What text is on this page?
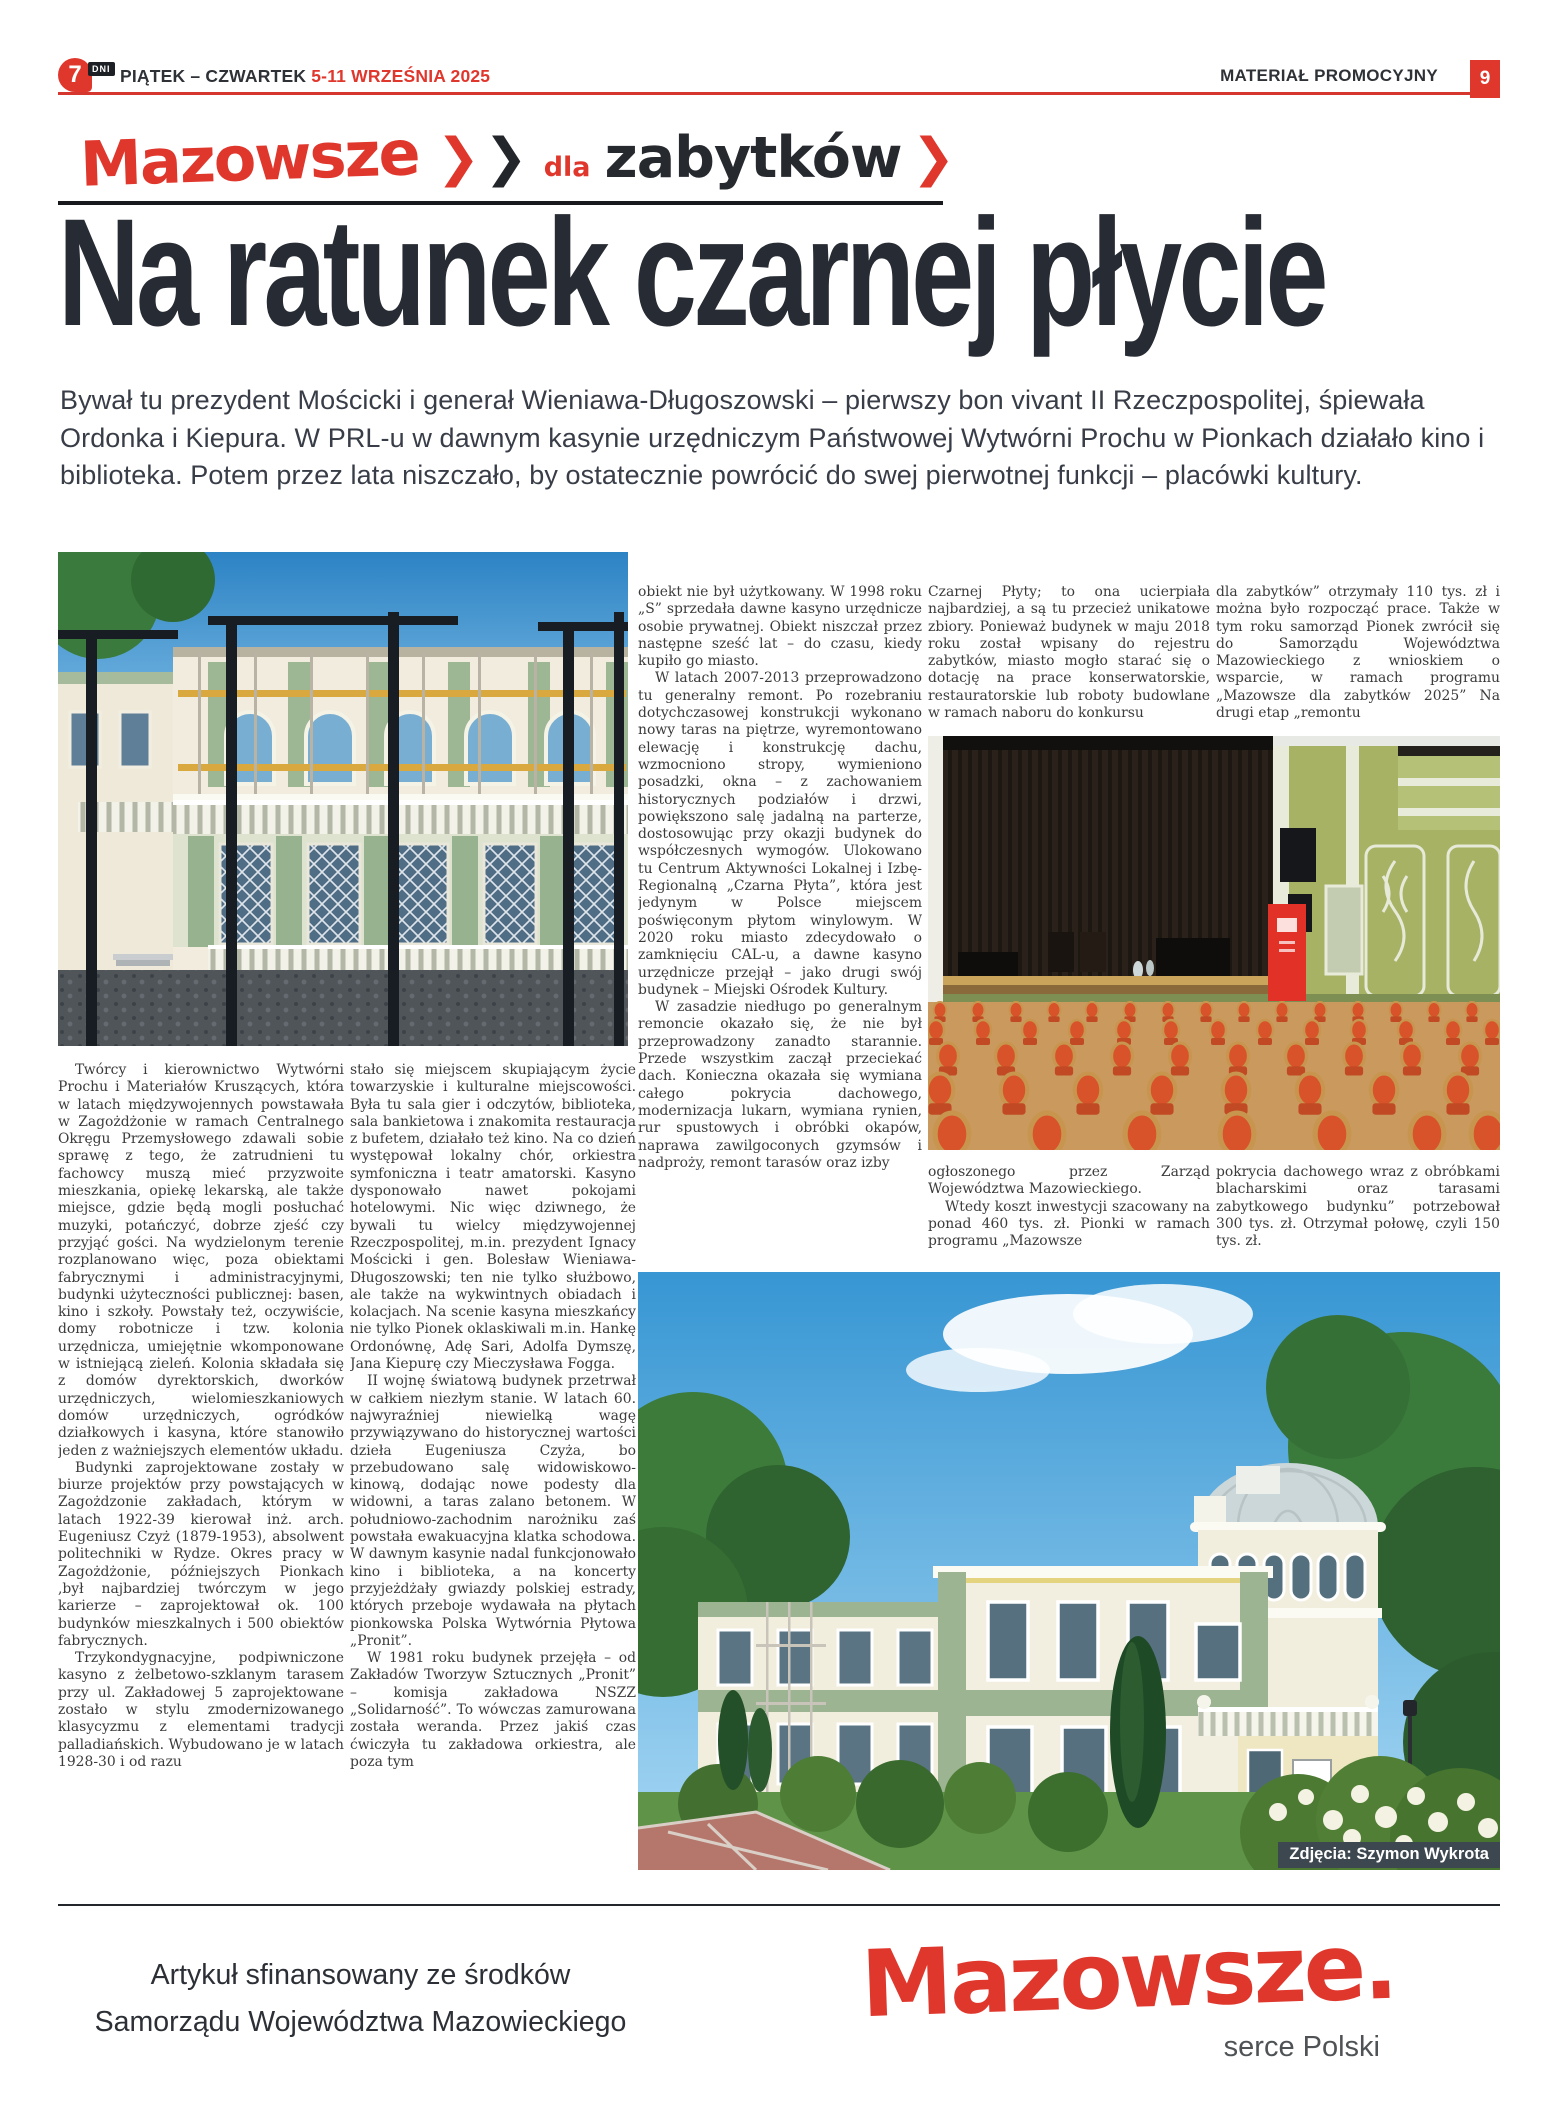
7	DNI PIĄTEK – CZWARTEK 5-11 WRZEŚNIA 2025	MATERIAŁ PROMOCYJNY	9
Mazowsze ❯ ❯ dla zabytków ❯
Na ratunek czarnej płycie
Bywał tu prezydent Mościcki i generał Wieniawa-Długoszowski – pierwszy bon vivant II Rzeczpospolitej, śpiewała Ordonka i Kiepura. W PRL-u w dawnym kasynie urzędniczym Państwowej Wytwórni Prochu w Pionkach działało kino i biblioteka. Potem przez lata niszczało, by ostatecznie powrócić do swej pierwotnej funkcji – placówki kultury.
Zdjęcia: Szymon Wykrota

Twórcy i kierownictwo Wytwórni Prochu i Materiałów Kruszących, która w latach międzywojennych powstawała w Zagożdżonie w ramach Centralnego Okręgu Przemysłowego zdawali sobie sprawę z tego, że zatrudnieni tu fachowcy muszą mieć przyzwoite mieszkania, opiekę lekarską, ale także miejsce, gdzie będą mogli posłuchać muzyki, potańczyć, dobrze zjeść czy przyjąć gości. Na wydzielonym terenie rozplanowano więc, poza obiektami fabrycznymi i administracyjnymi, budynki użyteczności publicznej: basen, kino i szkoły. Powstały też, oczywiście, domy robotnicze i tzw. kolonia urzędnicza, umiejętnie wkomponowane w istniejącą zieleń. Kolonia składała się z domów dyrektorskich, dworków urzędniczych, wielomieszkaniowych domów urzędniczych, ogródków działkowych i kasyna, które stanowiło jeden z ważniejszych elementów układu.

Budynki zaprojektowane zostały w biurze projektów przy powstających w Zagożdzonie zakładach, którym w latach 1922-39 kierował inż. arch. Eugeniusz Czyż (1879-1953), absolwent politechniki w Rydze. Okres pracy w Zagożdżonie, późniejszych Pionkach ,był najbardziej twórczym w jego karierze – zaprojektował ok. 100 budynków mieszkalnych i 500 obiektów fabrycznych.

Trzykondygnacyjne, podpiwniczone kasyno z żelbetowo-szklanym tarasem przy ul. Zakładowej 5 zaprojektowane zostało w stylu zmodernizowanego klasycyzmu z elementami tradycji palladiańskich. Wybudowano je w latach 1928-30 i od razu

stało się miejscem skupiającym życie towarzyskie i kulturalne miejscowości. Była tu sala gier i odczytów, biblioteka, sala bankietowa i znakomita restauracja z bufetem, działało też kino. Na co dzień występował lokalny chór, orkiestra symfoniczna i teatr amatorski. Kasyno dysponowało nawet pokojami hotelowymi. Nic więc dziwnego, że bywali tu wielcy międzywojennej Rzeczpospolitej, m.in. prezydent Ignacy Mościcki i gen. Bolesław Wieniawa-Długoszowski; ten nie tylko służbowo, ale także na wykwintnych obiadach i kolacjach. Na scenie kasyna mieszkańcy nie tylko Pionek oklaskiwali m.in. Hankę Ordonównę, Adę Sari, Adolfa Dymszę, Jana Kiepurę czy Mieczysława Fogga.

II wojnę światową budynek przetrwał w całkiem niezłym stanie. W latach 60. najwyraźniej niewielką wagę przywiązywano do historycznej wartości dzieła Eugeniusza Czyża, bo przebudowano salę widowiskowo-kinową, dodając nowe podesty dla widowni, a taras zalano betonem. W południowo-zachodnim narożniku zaś powstała ewakuacyjna klatka schodowa. W dawnym kasynie nadal funkcjonowało kino i biblioteka, a na koncerty przyjeżdżały gwiazdy polskiej estrady, których przeboje wydawała na płytach pionkowska Polska Wytwórnia Płytowa „Pronit”.

W 1981 roku budynek przejęła – od Zakładów Tworzyw Sztucznych „Pronit” – komisja zakładowa NSZZ „Solidarność”. To wówczas zamurowana została weranda. Przez jakiś czas ćwiczyła tu zakładowa orkiestra, ale poza tym

obiekt nie był użytkowany. W 1998 roku „S” sprzedała dawne kasyno urzędnicze osobie prywatnej. Obiekt niszczał przez następne sześć lat – do czasu, kiedy kupiło go miasto.

W latach 2007-2013 przeprowadzono tu generalny remont. Po rozebraniu dotychczasowej konstrukcji wykonano nowy taras na piętrze, wyremontowano elewację i konstrukcję dachu, wzmocniono stropy, wymieniono posadzki, okna – z zachowaniem historycznych podziałów i drzwi, powiększono salę jadalną na parterze, dostosowując przy okazji budynek do współczesnych wymogów. Ulokowano tu Centrum Aktywności Lokalnej i Izbę-Regionalną „Czarna Płyta”, która jest jedynym w Polsce miejscem poświęconym płytom winylowym. W 2020 roku miasto zdecydowało o zamknięciu CAL-u, a dawne kasyno urzędnicze przejął – jako drugi swój budynek – Miejski Ośrodek Kultury.

W zasadzie niedługo po generalnym remoncie okazało się, że nie był przeprowadzony zanadto starannie. Przede wszystkim zaczął przeciekać dach. Konieczna okazała się wymiana całego pokrycia dachowego, modernizacja lukarn, wymiana rynien, rur spustowych i obróbki okapów, naprawa zawilgoconych gzymsów i nadproży, remont tarasów oraz izby

Czarnej Płyty; to ona ucierpiała najbardziej, a są tu przecież unikatowe zbiory. Ponieważ budynek w maju 2018 roku został wpisany do rejestru zabytków, miasto mogło starać się o dotację na prace konserwatorskie, restauratorskie lub roboty budowlane w ramach naboru do konkursu

dla zabytków” otrzymały 110 tys. zł i można było rozpocząć prace. Także w tym roku samorząd Pionek zwrócił się do Samorządu Województwa Mazowieckiego z wnioskiem o wsparcie, w ramach programu „Mazowsze dla zabytków 2025” Na drugi etap „remontu

ogłoszonego przez Zarząd Województwa Mazowieckiego.

Wtedy koszt inwestycji szacowany na ponad 460 tys. zł. Pionki w ramach programu „Mazowsze

pokrycia dachowego wraz z obróbkami blacharskimi oraz tarasami zabytkowego budynku” potrzebował 300 tys. zł. Otrzymał połowę, czyli 150 tys. zł.

Artykuł sfinansowany ze środków
Samorządu Województwa Mazowieckiego	Mazowsze.
serce Polski
